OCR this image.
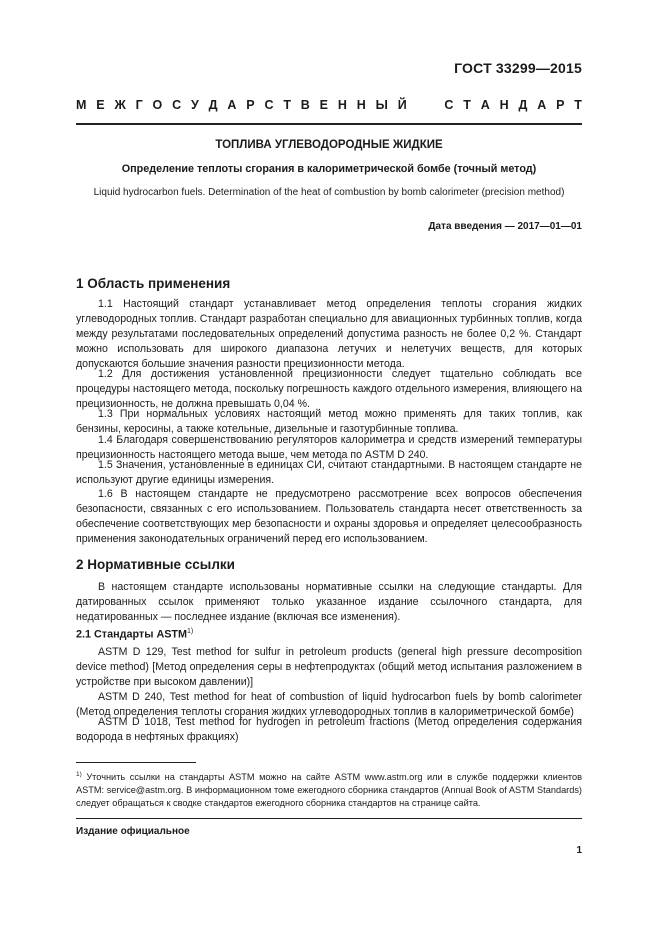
ГОСТ 33299—2015
М Е Ж Г О С У Д А Р С Т В Е Н Н Ы Й	С Т А Н Д А Р Т
ТОПЛИВА УГЛЕВОДОРОДНЫЕ ЖИДКИЕ
Определение теплоты сгорания в калориметрической бомбе (точный метод)
Liquid hydrocarbon fuels. Determination of the heat of combustion by bomb calorimeter (precision method)
Дата введения — 2017—01—01
1 Область применения
1.1 Настоящий стандарт устанавливает метод определения теплоты сгорания жидких углеводородных топлив. Стандарт разработан специально для авиационных турбинных топлив, когда между результатами последовательных определений допустима разность не более 0,2 %. Стандарт можно использовать для широкого диапазона летучих и нелетучих веществ, для которых допускаются большие значения разности прецизионности метода.
1.2 Для достижения установленной прецизионности следует тщательно соблюдать все процедуры настоящего метода, поскольку погрешность каждого отдельного измерения, влияющего на прецизионность, не должна превышать 0,04 %.
1.3 При нормальных условиях настоящий метод можно применять для таких топлив, как бензины, керосины, а также котельные, дизельные и газотурбинные топлива.
1.4 Благодаря совершенствованию регуляторов калориметра и средств измерений температуры прецизионность настоящего метода выше, чем метода по ASTM D 240.
1.5 Значения, установленные в единицах СИ, считают стандартными. В настоящем стандарте не используют другие единицы измерения.
1.6 В настоящем стандарте не предусмотрено рассмотрение всех вопросов обеспечения безопасности, связанных с его использованием. Пользователь стандарта несет ответственность за обеспечение соответствующих мер безопасности и охраны здоровья и определяет целесообразность применения законодательных ограничений перед его использованием.
2 Нормативные ссылки
В настоящем стандарте использованы нормативные ссылки на следующие стандарты. Для датированных ссылок применяют только указанное издание ссылочного стандарта, для недатированных — последнее издание (включая все изменения).
2.1 Стандарты ASTM$^{1)}$
ASTM D 129, Test method for sulfur in petroleum products (general high pressure decomposition device method) [Метод определения серы в нефтепродуктах (общий метод испытания разложением в устройстве при высоком давлении)]
ASTM D 240, Test method for heat of combustion of liquid hydrocarbon fuels by bomb calorimeter (Метод определения теплоты сгорания жидких углеводородных топлив в калориметрической бомбе)
ASTM D 1018, Test method for hydrogen in petroleum fractions (Метод определения содержания водорода в нефтяных фракциях)
$^{1)}$ Уточнить ссылки на стандарты ASTM можно на сайте ASTM www.astm.org или в службе поддержки клиентов ASTM: service@astm.org. В информационном томе ежегодного сборника стандартов (Annual Book of ASTM Standards) следует обращаться к сводке стандартов ежегодного сборника стандартов на странице сайта.
Издание официальное
1
